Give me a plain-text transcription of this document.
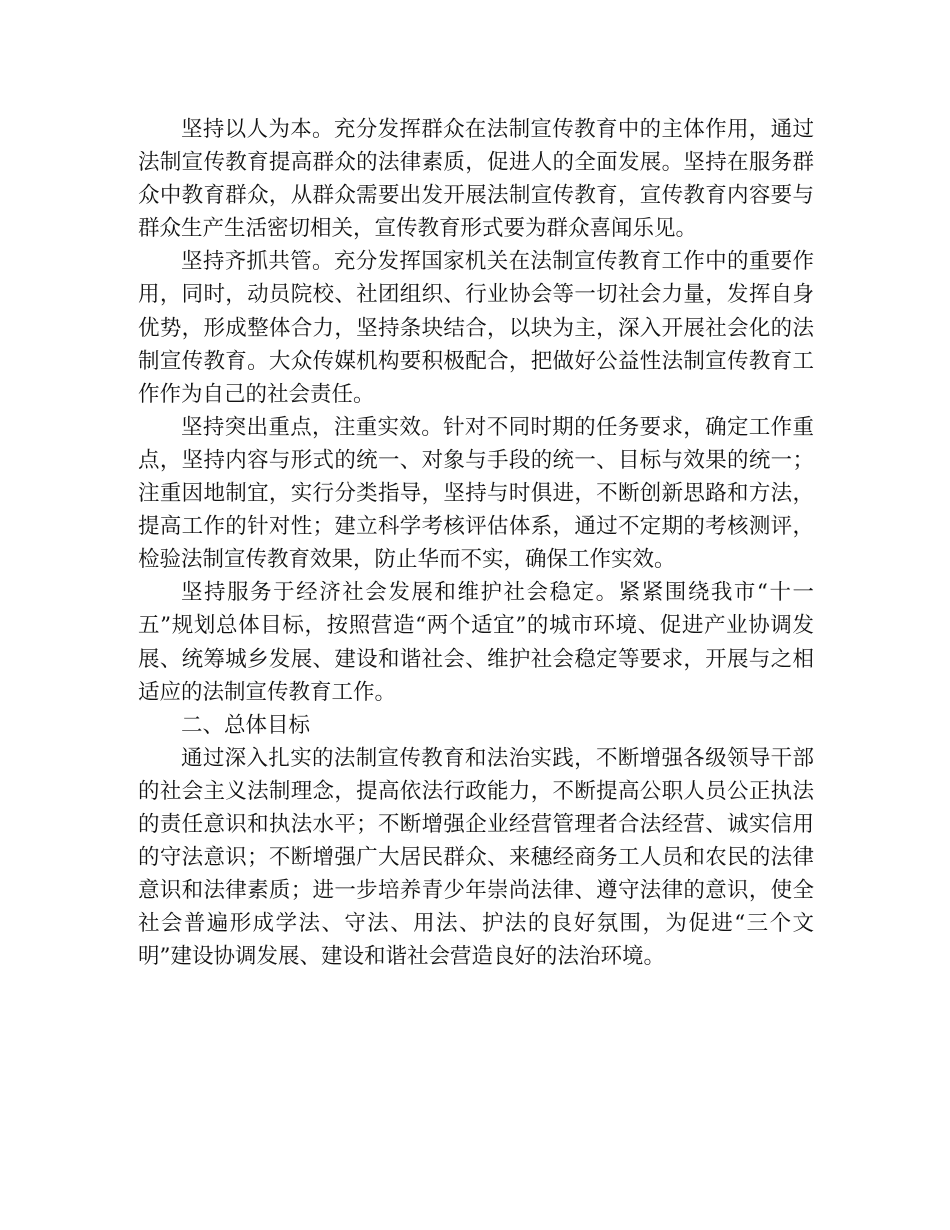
坚持以人为本。充分发挥群众在法制宣传教育中的主体作用，通过法制宣传教育提高群众的法律素质，促进人的全面发展。坚持在服务群众中教育群众，从群众需要出发开展法制宣传教育，宣传教育内容要与群众生产生活密切相关，宣传教育形式要为群众喜闻乐见。

坚持齐抓共管。充分发挥国家机关在法制宣传教育工作中的重要作用，同时，动员院校、社团组织、行业协会等一切社会力量，发挥自身优势，形成整体合力，坚持条块结合，以块为主，深入开展社会化的法制宣传教育。大众传媒机构要积极配合，把做好公益性法制宣传教育工作作为自己的社会责任。

坚持突出重点，注重实效。针对不同时期的任务要求，确定工作重点，坚持内容与形式的统一、对象与手段的统一、目标与效果的统一；注重因地制宜，实行分类指导，坚持与时俱进，不断创新思路和方法，提高工作的针对性；建立科学考核评估体系，通过不定期的考核测评，检验法制宣传教育效果，防止华而不实，确保工作实效。

坚持服务于经济社会发展和维护社会稳定。紧紧围绕我市“十一五”规划总体目标，按照营造“两个适宜”的城市环境、促进产业协调发展、统筹城乡发展、建设和谐社会、维护社会稳定等要求，开展与之相适应的法制宣传教育工作。

二、总体目标

通过深入扎实的法制宣传教育和法治实践，不断增强各级领导干部的社会主义法制理念，提高依法行政能力，不断提高公职人员公正执法的责任意识和执法水平；不断增强企业经营管理者合法经营、诚实信用的守法意识；不断增强广大居民群众、来穗经商务工人员和农民的法律意识和法律素质；进一步培养青少年崇尚法律、遵守法律的意识，使全社会普遍形成学法、守法、用法、护法的良好氛围，为促进“三个文明”建设协调发展、建设和谐社会营造良好的法治环境。
